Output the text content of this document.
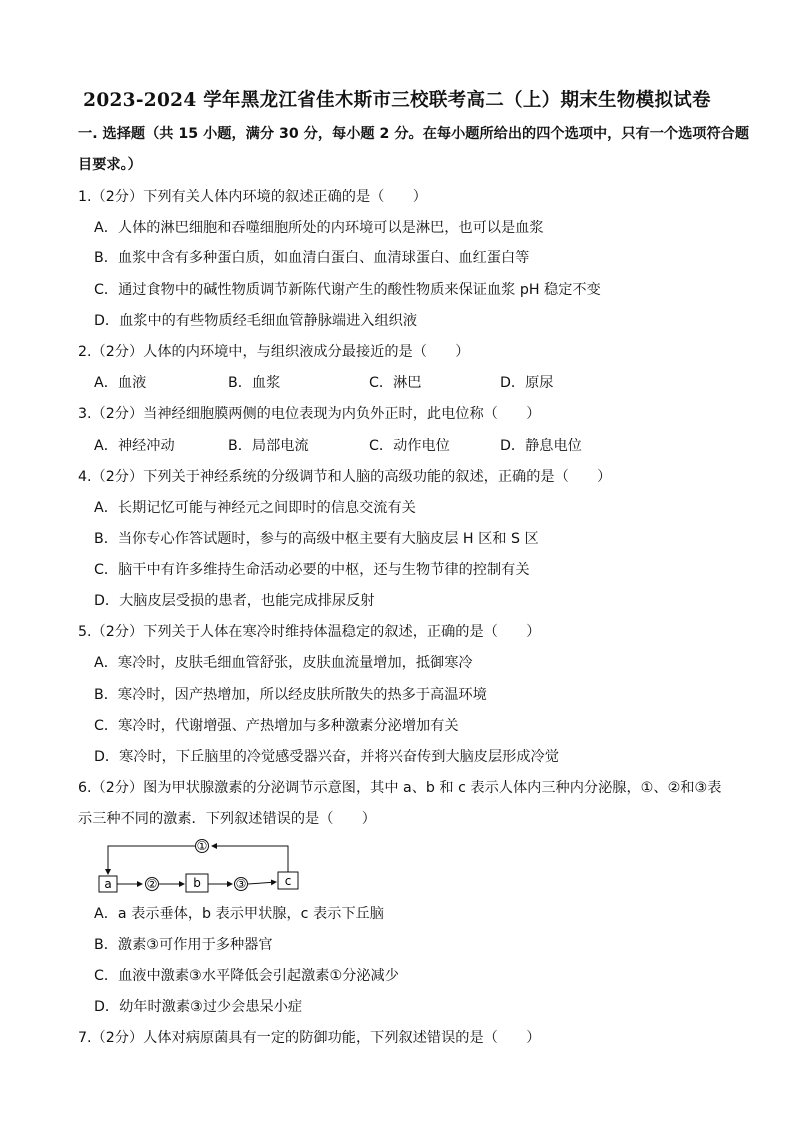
2023-2024 学年黑龙江省佳木斯市三校联考高二（上）期末生物模拟试卷
一. 选择题（共 15 小题，满分 30 分，每小题 2 分。在每小题所给出的四个选项中，只有一个选项符合题
目要求。）
1.（2分）下列有关人体内环境的叙述正确的是（　　）
A．人体的淋巴细胞和吞噬细胞所处的内环境可以是淋巴，也可以是血浆
B．血浆中含有多种蛋白质，如血清白蛋白、血清球蛋白、血红蛋白等
C．通过食物中的碱性物质调节新陈代谢产生的酸性物质来保证血浆 pH 稳定不变
D．血浆中的有些物质经毛细血管静脉端进入组织液
2.（2分）人体的内环境中，与组织液成分最接近的是（　　）
A．血液	B．血浆	C．淋巴	D．原尿
3.（2分）当神经细胞膜两侧的电位表现为内负外正时，此电位称（　　）
A．神经冲动	B．局部电流	C．动作电位	D．静息电位
4.（2分）下列关于神经系统的分级调节和人脑的高级功能的叙述，正确的是（　　）
A．长期记忆可能与神经元之间即时的信息交流有关
B．当你专心作答试题时，参与的高级中枢主要有大脑皮层 H 区和 S 区
C．脑干中有许多维持生命活动必要的中枢，还与生物节律的控制有关
D．大脑皮层受损的患者，也能完成排尿反射
5.（2分）下列关于人体在寒冷时维持体温稳定的叙述，正确的是（　　）
A．寒冷时，皮肤毛细血管舒张，皮肤血流量增加，抵御寒冷
B．寒冷时，因产热增加，所以经皮肤所散失的热多于高温环境
C．寒冷时，代谢增强、产热增加与多种激素分泌增加有关
D．寒冷时，下丘脑里的冷觉感受器兴奋，并将兴奋传到大脑皮层形成冷觉
6.（2分）图为甲状腺激素的分泌调节示意图，其中 a、b 和 c 表示人体内三种内分泌腺，①、②和③表
示三种不同的激素．下列叙述错误的是（　　）
①
a	②	b	③	c
A．a 表示垂体，b 表示甲状腺，c 表示下丘脑
B．激素③可作用于多种器官
C．血液中激素③水平降低会引起激素①分泌减少
D．幼年时激素③过少会患呆小症
7.（2分）人体对病原菌具有一定的防御功能，下列叙述错误的是（　　）
